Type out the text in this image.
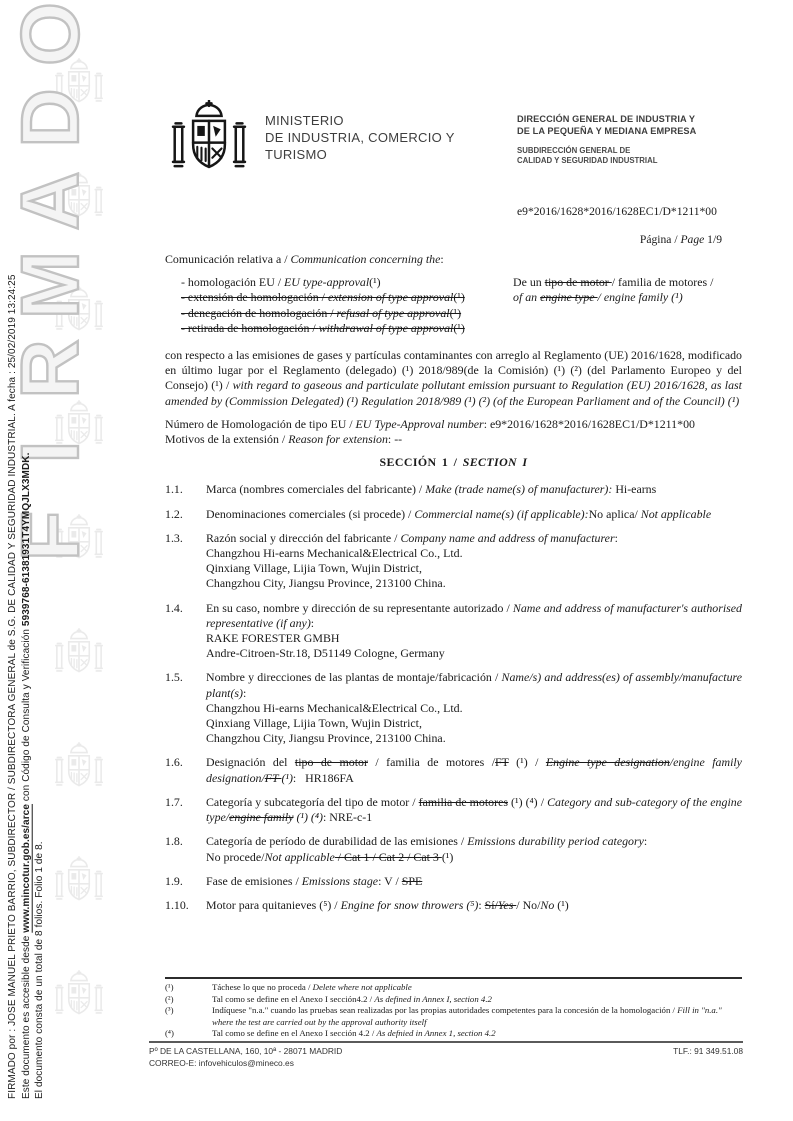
O
D
A
M
R
I
F
FIRMADO por : JOSE MANUEL PRIETO BARRIO, SUBDIRECTOR / SUBDIRECTORA GENERAL de S.G. DE CALIDAD Y SEGURIDAD INDUSTRIAL. A fecha : 25/02/2019 13:24:25 Este documento es accesible desde www.mincotur.gob.es/arce con Código de Consulta y Verificación 5939768-61381931T4YMQJLX3MDK.
El documento consta de un total de 8 folios. Folio 1 de 8.
MINISTERIO
DE INDUSTRIA, COMERCIO Y
TURISMO
DIRECCIÓN GENERAL DE INDUSTRIA Y
DE LA PEQUEÑA Y MEDIANA EMPRESA
SUBDIRECCIÓN GENERAL DE
CALIDAD Y SEGURIDAD INDUSTRIAL
e9*2016/1628*2016/1628EC1/D*1211*00
Página / Page 1/9
Comunicación relativa a / Communication concerning the:
- homologación EU / EU type-approval(¹)
- extensión de homologación / extension of type approval(¹)
- denegación de homologación / refusal of type approval(¹)
- retirada de homologación / withdrawal of type approval(¹)
De un tipo de motor / familia de motores /
of an engine type / engine family (¹)
con respecto a las emisiones de gases y partículas contaminantes con arreglo al Reglamento (UE) 2016/1628, modificado en último lugar por el Reglamento (delegado) (¹) 2018/989(de la Comisión) (¹) (²) (del Parlamento Europeo y del Consejo) (¹) / with regard to gaseous and particulate pollutant emission pursuant to Regulation (EU) 2016/1628, as last amended by (Commission Delegated) (¹) Regulation 2018/989 (¹) (²) (of the European Parliament and of the Council) (¹)
Número de Homologación de tipo EU / EU Type-Approval number: e9*2016/1628*2016/1628EC1/D*1211*00
Motivos de la extensión / Reason for extension: --
SECCIÓN 1 / SECTION I
1.1.	Marca (nombres comerciales del fabricante) / Make (trade name(s) of manufacturer): Hi-earns
1.2.	Denominaciones comerciales (si procede) / Commercial name(s) (if applicable):No aplica/ Not applicable
1.3.	Razón social y dirección del fabricante / Company name and address of manufacturer:
Changzhou Hi-earns Mechanical&Electrical Co., Ltd.
Qinxiang Village, Lijia Town, Wujin District,
Changzhou City, Jiangsu Province, 213100 China.
1.4.	En su caso, nombre y dirección de su representante autorizado / Name and address of manufacturer's authorised representative (if any):
RAKE FORESTER GMBH
Andre-Citroen-Str.18, D51149 Cologne, Germany
1.5.	Nombre y direcciones de las plantas de montaje/fabricación / Name/s) and address(es) of assembly/manufacture plant(s):
Changzhou Hi-earns Mechanical&Electrical Co., Ltd.
Qinxiang Village, Lijia Town, Wujin District,
Changzhou City, Jiangsu Province, 213100 China.
1.6.	Designación del tipo de motor / familia de motores /FT (¹) / Engine type designation/engine family designation/FT (¹):   HR186FA
1.7.	Categoría y subcategoría del tipo de motor / familia de motores (¹) (⁴) / Category and sub-category of the engine type/engine family (¹) (⁴): NRE-c-1
1.8.	Categoría de período de durabilidad de las emisiones / Emissions durability period category:
No procede/Not applicable / Cat 1 / Cat 2 / Cat 3 (¹)
1.9.	Fase de emisiones / Emissions stage: V / SPE
1.10.	Motor para quitanieves (⁵) / Engine for snow throwers (⁵): Sí/Yes / No/No (¹)
(¹)	Táchese lo que no proceda / Delete where not applicable
(²)	Tal como se define en el Anexo I sección4.2 / As defined in Annex I, section 4.2
(³)	Indíquese "n.a." cuando las pruebas sean realizadas por las propias autoridades competentes para la concesión de la homologación / Fill in "n.a." where the test are carried out by the approval authority itself
(⁴)	Tal como se define en el Anexo I sección 4.2 / As defnied in Annex 1, section 4.2
Pº DE LA CASTELLANA, 160, 10ª - 28071 MADRID	TLF.: 91 349.51.08
CORREO-E: infovehiculos@mineco.es
